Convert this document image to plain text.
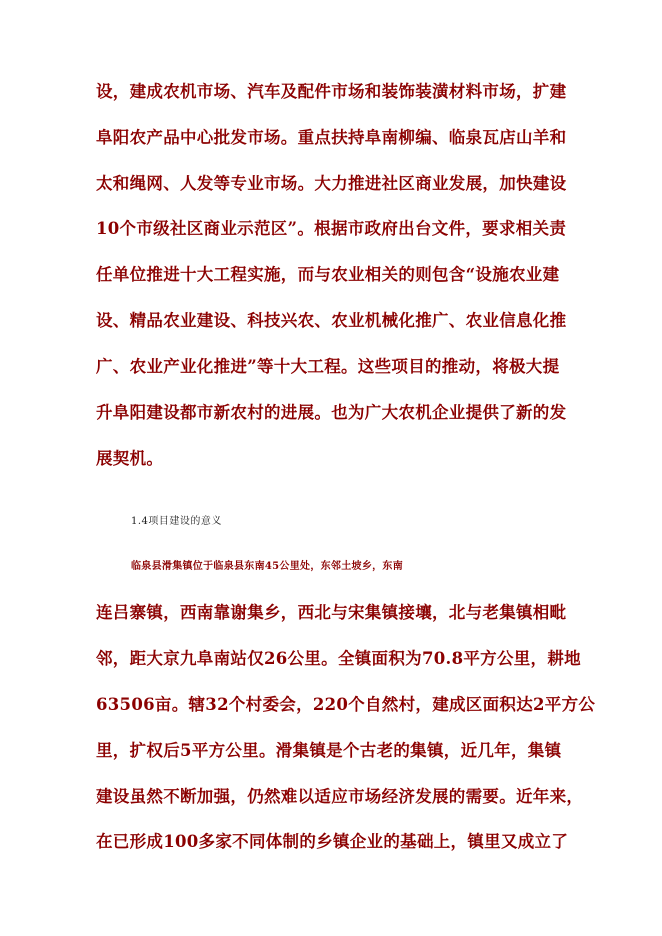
设，建成农机市场、汽车及配件市场和装饰装潢材料市场，扩建
阜阳农产品中心批发市场。重点扶持阜南柳编、临泉瓦店山羊和
太和绳网、人发等专业市场。大力推进社区商业发展，加快建设
10个市级社区商业示范区”。根据市政府出台文件，要求相关责
任单位推进十大工程实施，而与农业相关的则包含“设施农业建
设、精品农业建设、科技兴农、农业机械化推广、农业信息化推
广、农业产业化推进”等十大工程。这些项目的推动，将极大提
升阜阳建设都市新农村的进展。也为广大农机企业提供了新的发
展契机。
1.4项目建设的意义
临泉县滑集镇位于临泉县东南45公里处，东邻土坡乡，东南
连吕寨镇，西南靠谢集乡，西北与宋集镇接壤，北与老集镇相毗
邻，距大京九阜南站仅26公里。全镇面积为70.8平方公里，耕地
63506亩。辖32个村委会，220个自然村，建成区面积达2平方公
里，扩权后5平方公里。滑集镇是个古老的集镇，近几年，集镇
建设虽然不断加强，仍然难以适应市场经济发展的需要。近年来，
在已形成100多家不同体制的乡镇企业的基础上，镇里又成立了
